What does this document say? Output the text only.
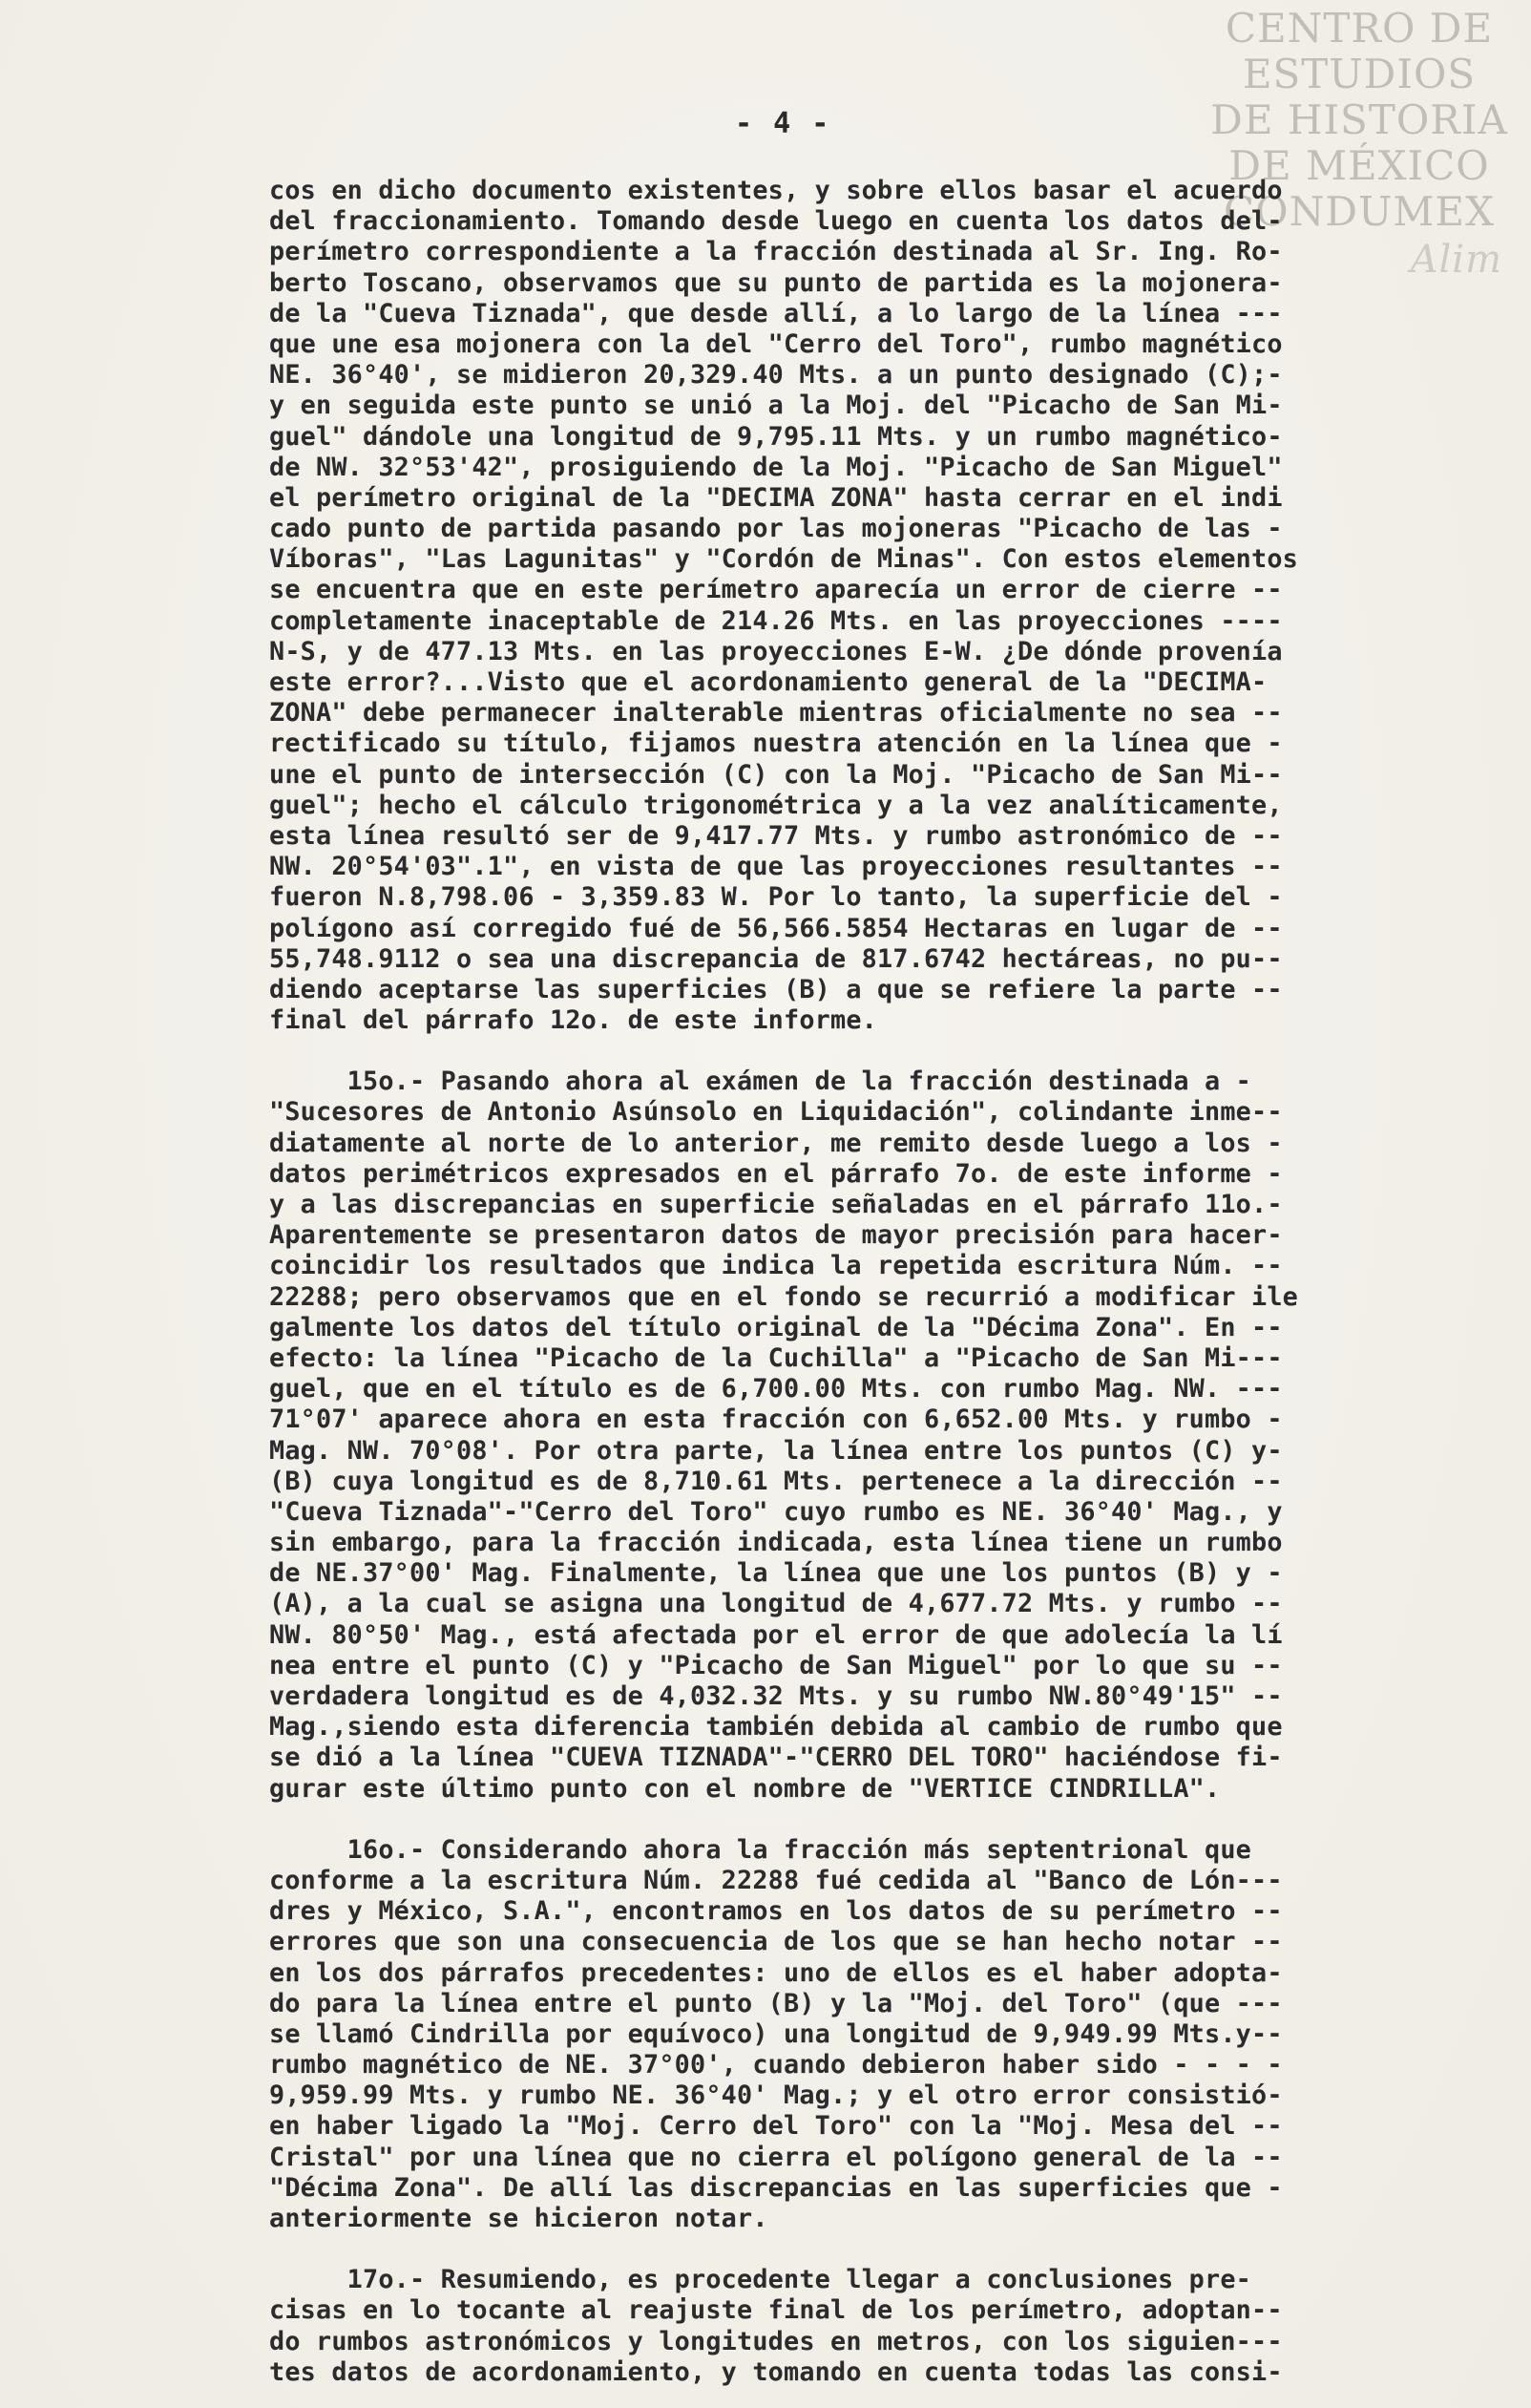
CENTRO DE
ESTUDIOS
DE HISTORIA
DE MÉXICO
CONDUMEX
Alim
- 4 -
cos en dicho documento existentes, y sobre ellos basar el acuerdo
del fraccionamiento. Tomando desde luego en cuenta los datos del-
perímetro correspondiente a la fracción destinada al Sr. Ing. Ro-
berto Toscano, observamos que su punto de partida es la mojonera-
de la "Cueva Tiznada", que desde allí, a lo largo de la línea ---
que une esa mojonera con la del "Cerro del Toro", rumbo magnético
NE. 36°40', se midieron 20,329.40 Mts. a un punto designado (C);-
y en seguida este punto se unió a la Moj. del "Picacho de San Mi-
guel" dándole una longitud de 9,795.11 Mts. y un rumbo magnético-
de NW. 32°53'42", prosiguiendo de la Moj. "Picacho de San Miguel"
el perímetro original de la "DECIMA ZONA" hasta cerrar en el indi
cado punto de partida pasando por las mojoneras "Picacho de las -
Víboras", "Las Lagunitas" y "Cordón de Minas". Con estos elementos
se encuentra que en este perímetro aparecía un error de cierre --
completamente inaceptable de 214.26 Mts. en las proyecciones ----
N-S, y de 477.13 Mts. en las proyecciones E-W. ¿De dónde provenía
este error?...Visto que el acordonamiento general de la "DECIMA-
ZONA" debe permanecer inalterable mientras oficialmente no sea --
rectificado su título, fijamos nuestra atención en la línea que -
une el punto de intersección (C) con la Moj. "Picacho de San Mi--
guel"; hecho el cálculo trigonométrica y a la vez analíticamente,
esta línea resultó ser de 9,417.77 Mts. y rumbo astronómico de --
NW. 20°54'03".1", en vista de que las proyecciones resultantes --
fueron N.8,798.06 - 3,359.83 W. Por lo tanto, la superficie del -
polígono así corregido fué de 56,566.5854 Hectaras en lugar de --
55,748.9112 o sea una discrepancia de 817.6742 hectáreas, no pu--
diendo aceptarse las superficies (B) a que se refiere la parte --
final del párrafo 12o. de este informe.
15o.- Pasando ahora al exámen de la fracción destinada a -
"Sucesores de Antonio Asúnsolo en Liquidación", colindante inme--
diatamente al norte de lo anterior, me remito desde luego a los -
datos perimétricos expresados en el párrafo 7o. de este informe -
y a las discrepancias en superficie señaladas en el párrafo 11o.-
Aparentemente se presentaron datos de mayor precisión para hacer-
coincidir los resultados que indica la repetida escritura Núm. --
22288; pero observamos que en el fondo se recurrió a modificar ile
galmente los datos del título original de la "Décima Zona". En --
efecto: la línea "Picacho de la Cuchilla" a "Picacho de San Mi---
guel, que en el título es de 6,700.00 Mts. con rumbo Mag. NW. ---
71°07' aparece ahora en esta fracción con 6,652.00 Mts. y rumbo -
Mag. NW. 70°08'. Por otra parte, la línea entre los puntos (C) y-
(B) cuya longitud es de 8,710.61 Mts. pertenece a la dirección --
"Cueva Tiznada"-"Cerro del Toro" cuyo rumbo es NE. 36°40' Mag., y
sin embargo, para la fracción indicada, esta línea tiene un rumbo
de NE.37°00' Mag. Finalmente, la línea que une los puntos (B) y -
(A), a la cual se asigna una longitud de 4,677.72 Mts. y rumbo --
NW. 80°50' Mag., está afectada por el error de que adolecía la lí
nea entre el punto (C) y "Picacho de San Miguel" por lo que su --
verdadera longitud es de 4,032.32 Mts. y su rumbo NW.80°49'15" --
Mag.,siendo esta diferencia también debida al cambio de rumbo que
se dió a la línea "CUEVA TIZNADA"-"CERRO DEL TORO" haciéndose fi-
gurar este último punto con el nombre de "VERTICE CINDRILLA".
16o.- Considerando ahora la fracción más septentrional que
conforme a la escritura Núm. 22288 fué cedida al "Banco de Lón---
dres y México, S.A.", encontramos en los datos de su perímetro --
errores que son una consecuencia de los que se han hecho notar --
en los dos párrafos precedentes: uno de ellos es el haber adopta-
do para la línea entre el punto (B) y la "Moj. del Toro" (que ---
se llamó Cindrilla por equívoco) una longitud de 9,949.99 Mts.y--
rumbo magnético de NE. 37°00', cuando debieron haber sido - - - -
9,959.99 Mts. y rumbo NE. 36°40' Mag.; y el otro error consistió-
en haber ligado la "Moj. Cerro del Toro" con la "Moj. Mesa del --
Cristal" por una línea que no cierra el polígono general de la --
"Décima Zona". De allí las discrepancias en las superficies que -
anteriormente se hicieron notar.
17o.- Resumiendo, es procedente llegar a conclusiones pre-
cisas en lo tocante al reajuste final de los perímetro, adoptan--
do rumbos astronómicos y longitudes en metros, con los siguien---
tes datos de acordonamiento, y tomando en cuenta todas las consi-
